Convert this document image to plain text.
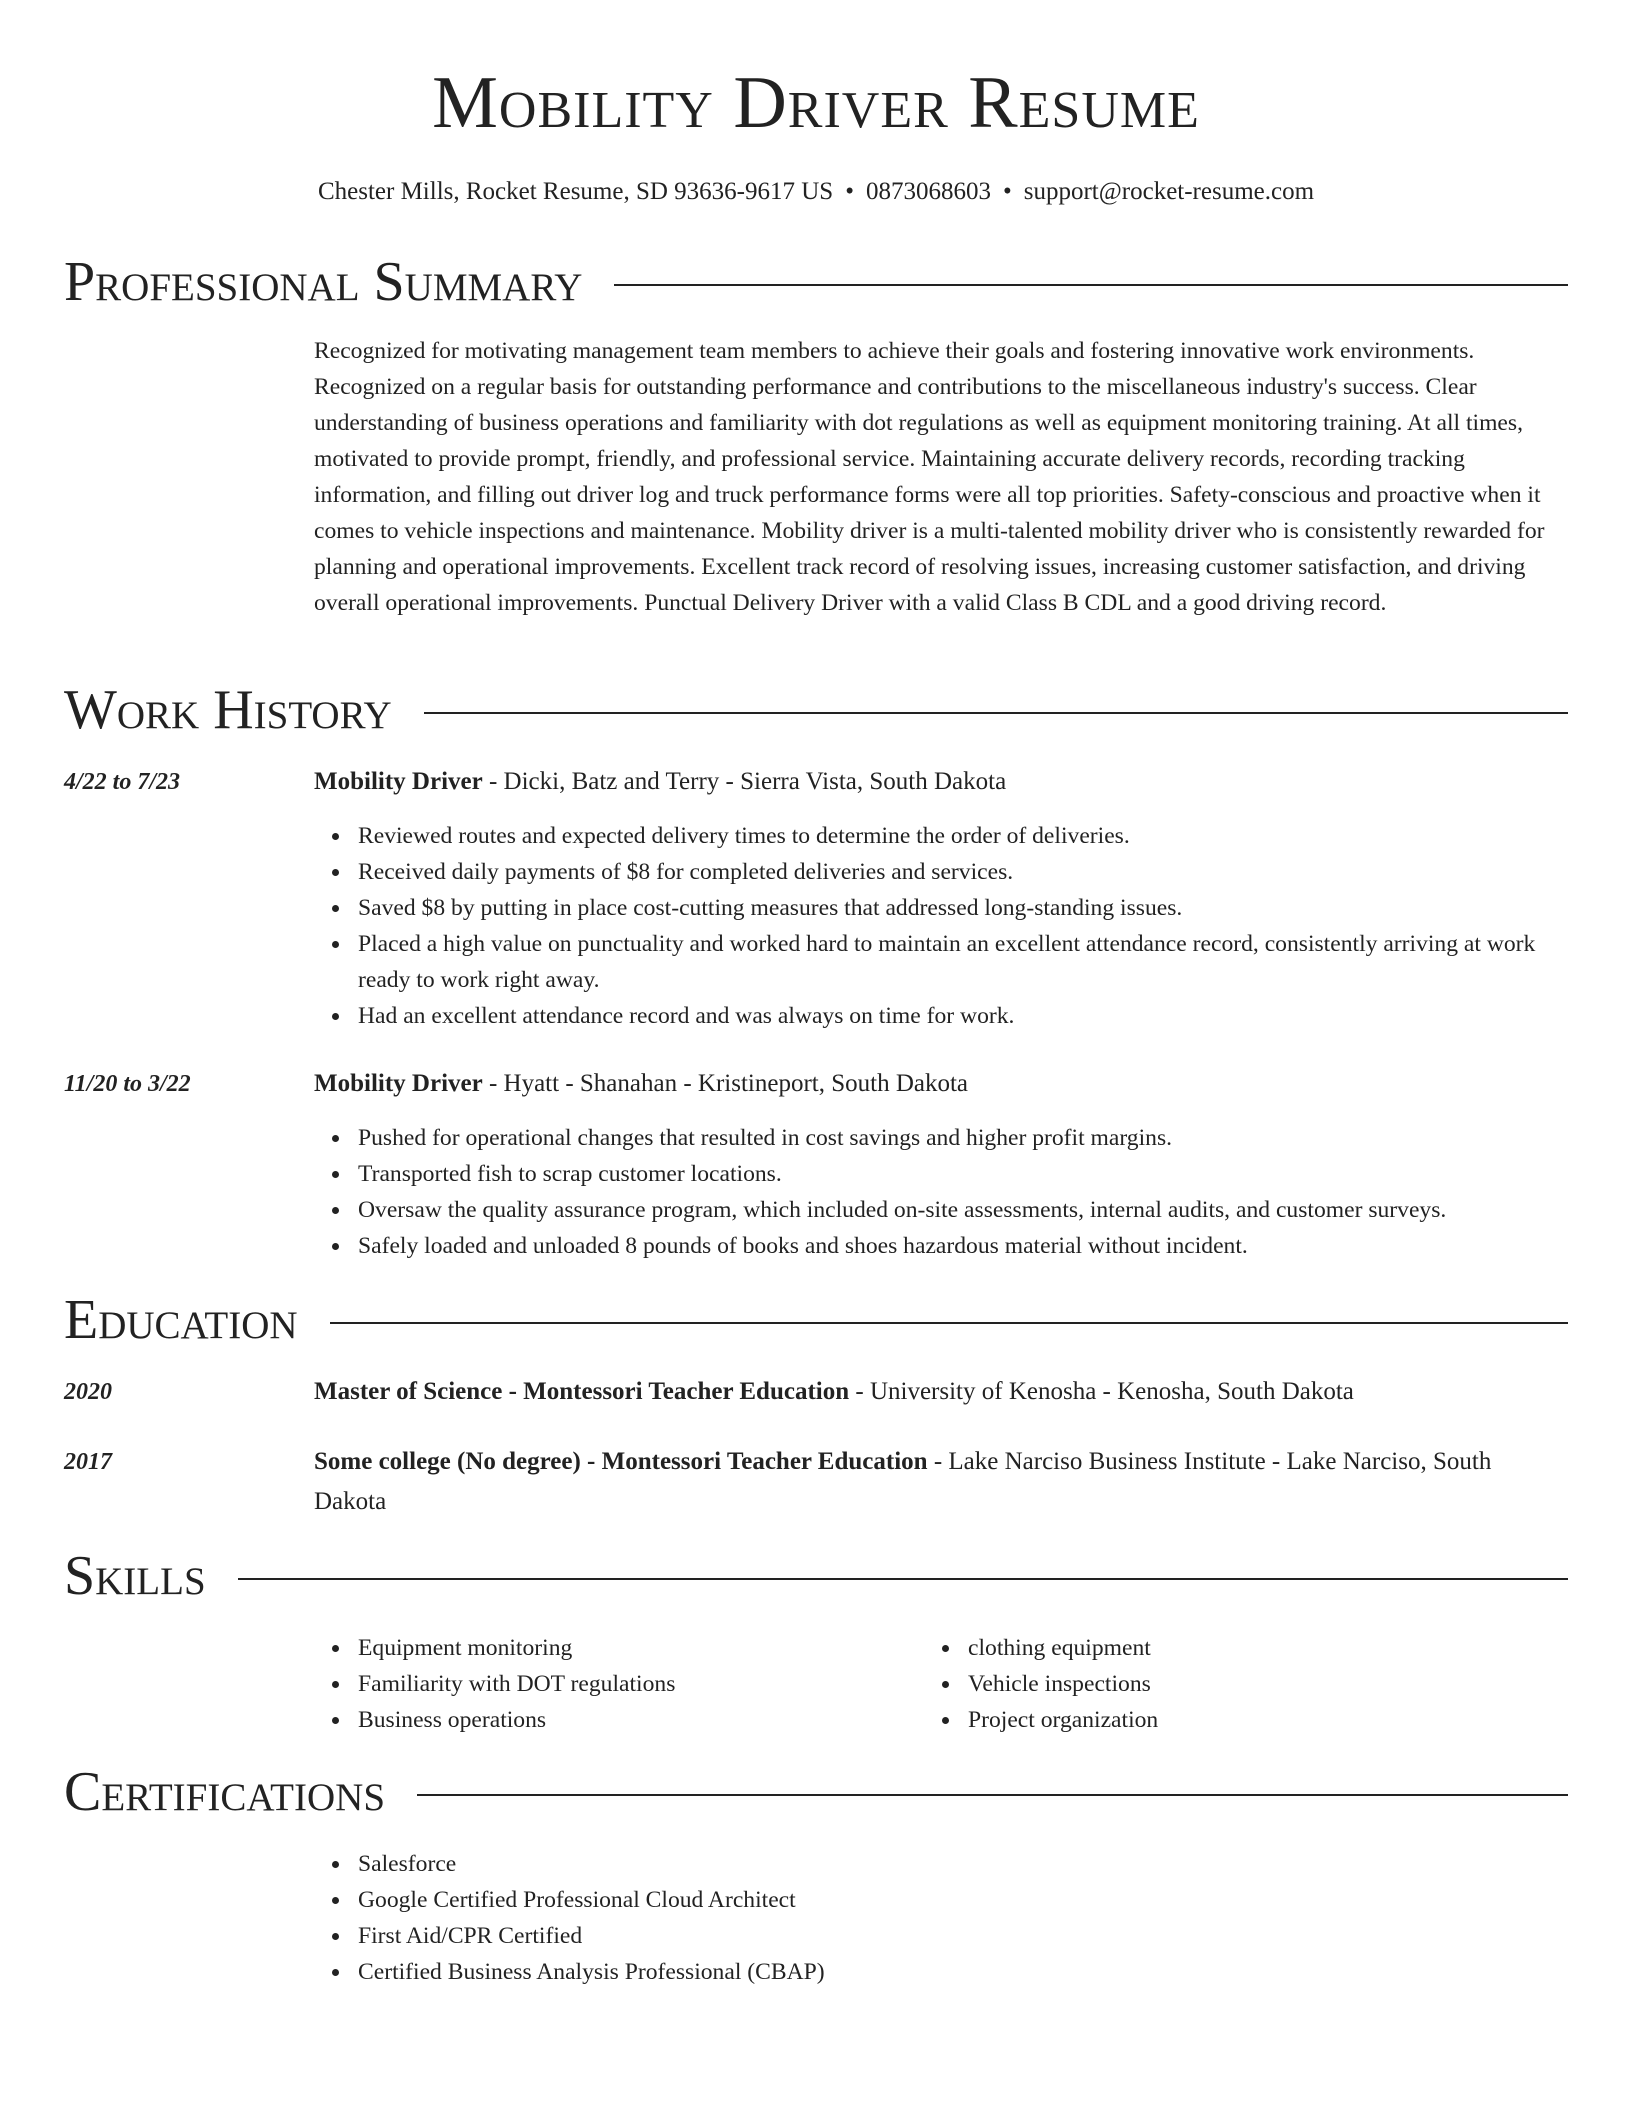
Mobility Driver Resume
Chester Mills, Rocket Resume, SD 93636-9617 US • 0873068603 • support@rocket-resume.com
Professional Summary
Recognized for motivating management team members to achieve their goals and fostering innovative work environments. Recognized on a regular basis for outstanding performance and contributions to the miscellaneous industry's success. Clear understanding of business operations and familiarity with dot regulations as well as equipment monitoring training. At all times, motivated to provide prompt, friendly, and professional service. Maintaining accurate delivery records, recording tracking information, and filling out driver log and truck performance forms were all top priorities. Safety-conscious and proactive when it comes to vehicle inspections and maintenance. Mobility driver is a multi-talented mobility driver who is consistently rewarded for planning and operational improvements. Excellent track record of resolving issues, increasing customer satisfaction, and driving overall operational improvements. Punctual Delivery Driver with a valid Class B CDL and a good driving record.
Work History
4/22 to 7/23	Mobility Driver - Dicki, Batz and Terry - Sierra Vista, South Dakota
Reviewed routes and expected delivery times to determine the order of deliveries.
Received daily payments of $8 for completed deliveries and services.
Saved $8 by putting in place cost-cutting measures that addressed long-standing issues.
Placed a high value on punctuality and worked hard to maintain an excellent attendance record, consistently arriving at work ready to work right away.
Had an excellent attendance record and was always on time for work.
11/20 to 3/22	Mobility Driver - Hyatt - Shanahan - Kristineport, South Dakota
Pushed for operational changes that resulted in cost savings and higher profit margins.
Transported fish to scrap customer locations.
Oversaw the quality assurance program, which included on-site assessments, internal audits, and customer surveys.
Safely loaded and unloaded 8 pounds of books and shoes hazardous material without incident.
Education
2020	Master of Science - Montessori Teacher Education - University of Kenosha - Kenosha, South Dakota
2017	Some college (No degree) - Montessori Teacher Education - Lake Narciso Business Institute - Lake Narciso, South Dakota
Skills
Equipment monitoring
Familiarity with DOT regulations
Business operations
clothing equipment
Vehicle inspections
Project organization
Certifications
Salesforce
Google Certified Professional Cloud Architect
First Aid/CPR Certified
Certified Business Analysis Professional (CBAP)
